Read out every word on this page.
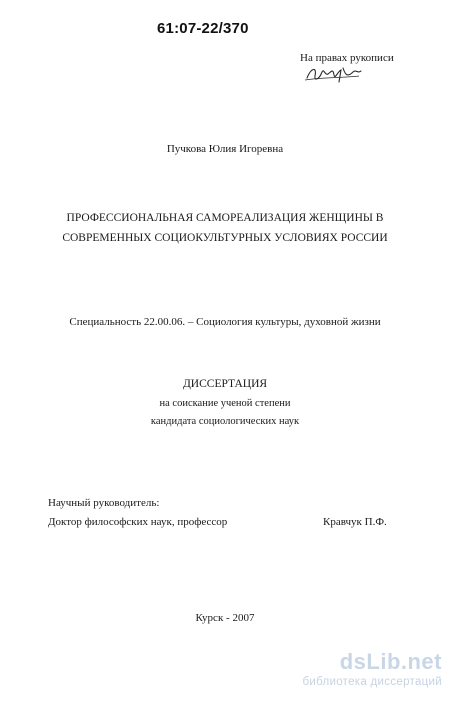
61:07-22/370
На правах рукописи
Пучкова Юлия Игоревна
ПРОФЕССИОНАЛЬНАЯ САМОРЕАЛИЗАЦИЯ ЖЕНЩИНЫ В
СОВРЕМЕННЫХ СОЦИОКУЛЬТУРНЫХ УСЛОВИЯХ РОССИИ
Специальность 22.00.06. – Социология культуры, духовной жизни
ДИССЕРТАЦИЯ
на соискание ученой степени
кандидата социологических наук
Научный руководитель:
Доктор философских наук, профессор	Кравчук П.Ф.
Курск - 2007
dsLib.net
библиотека диссертаций
